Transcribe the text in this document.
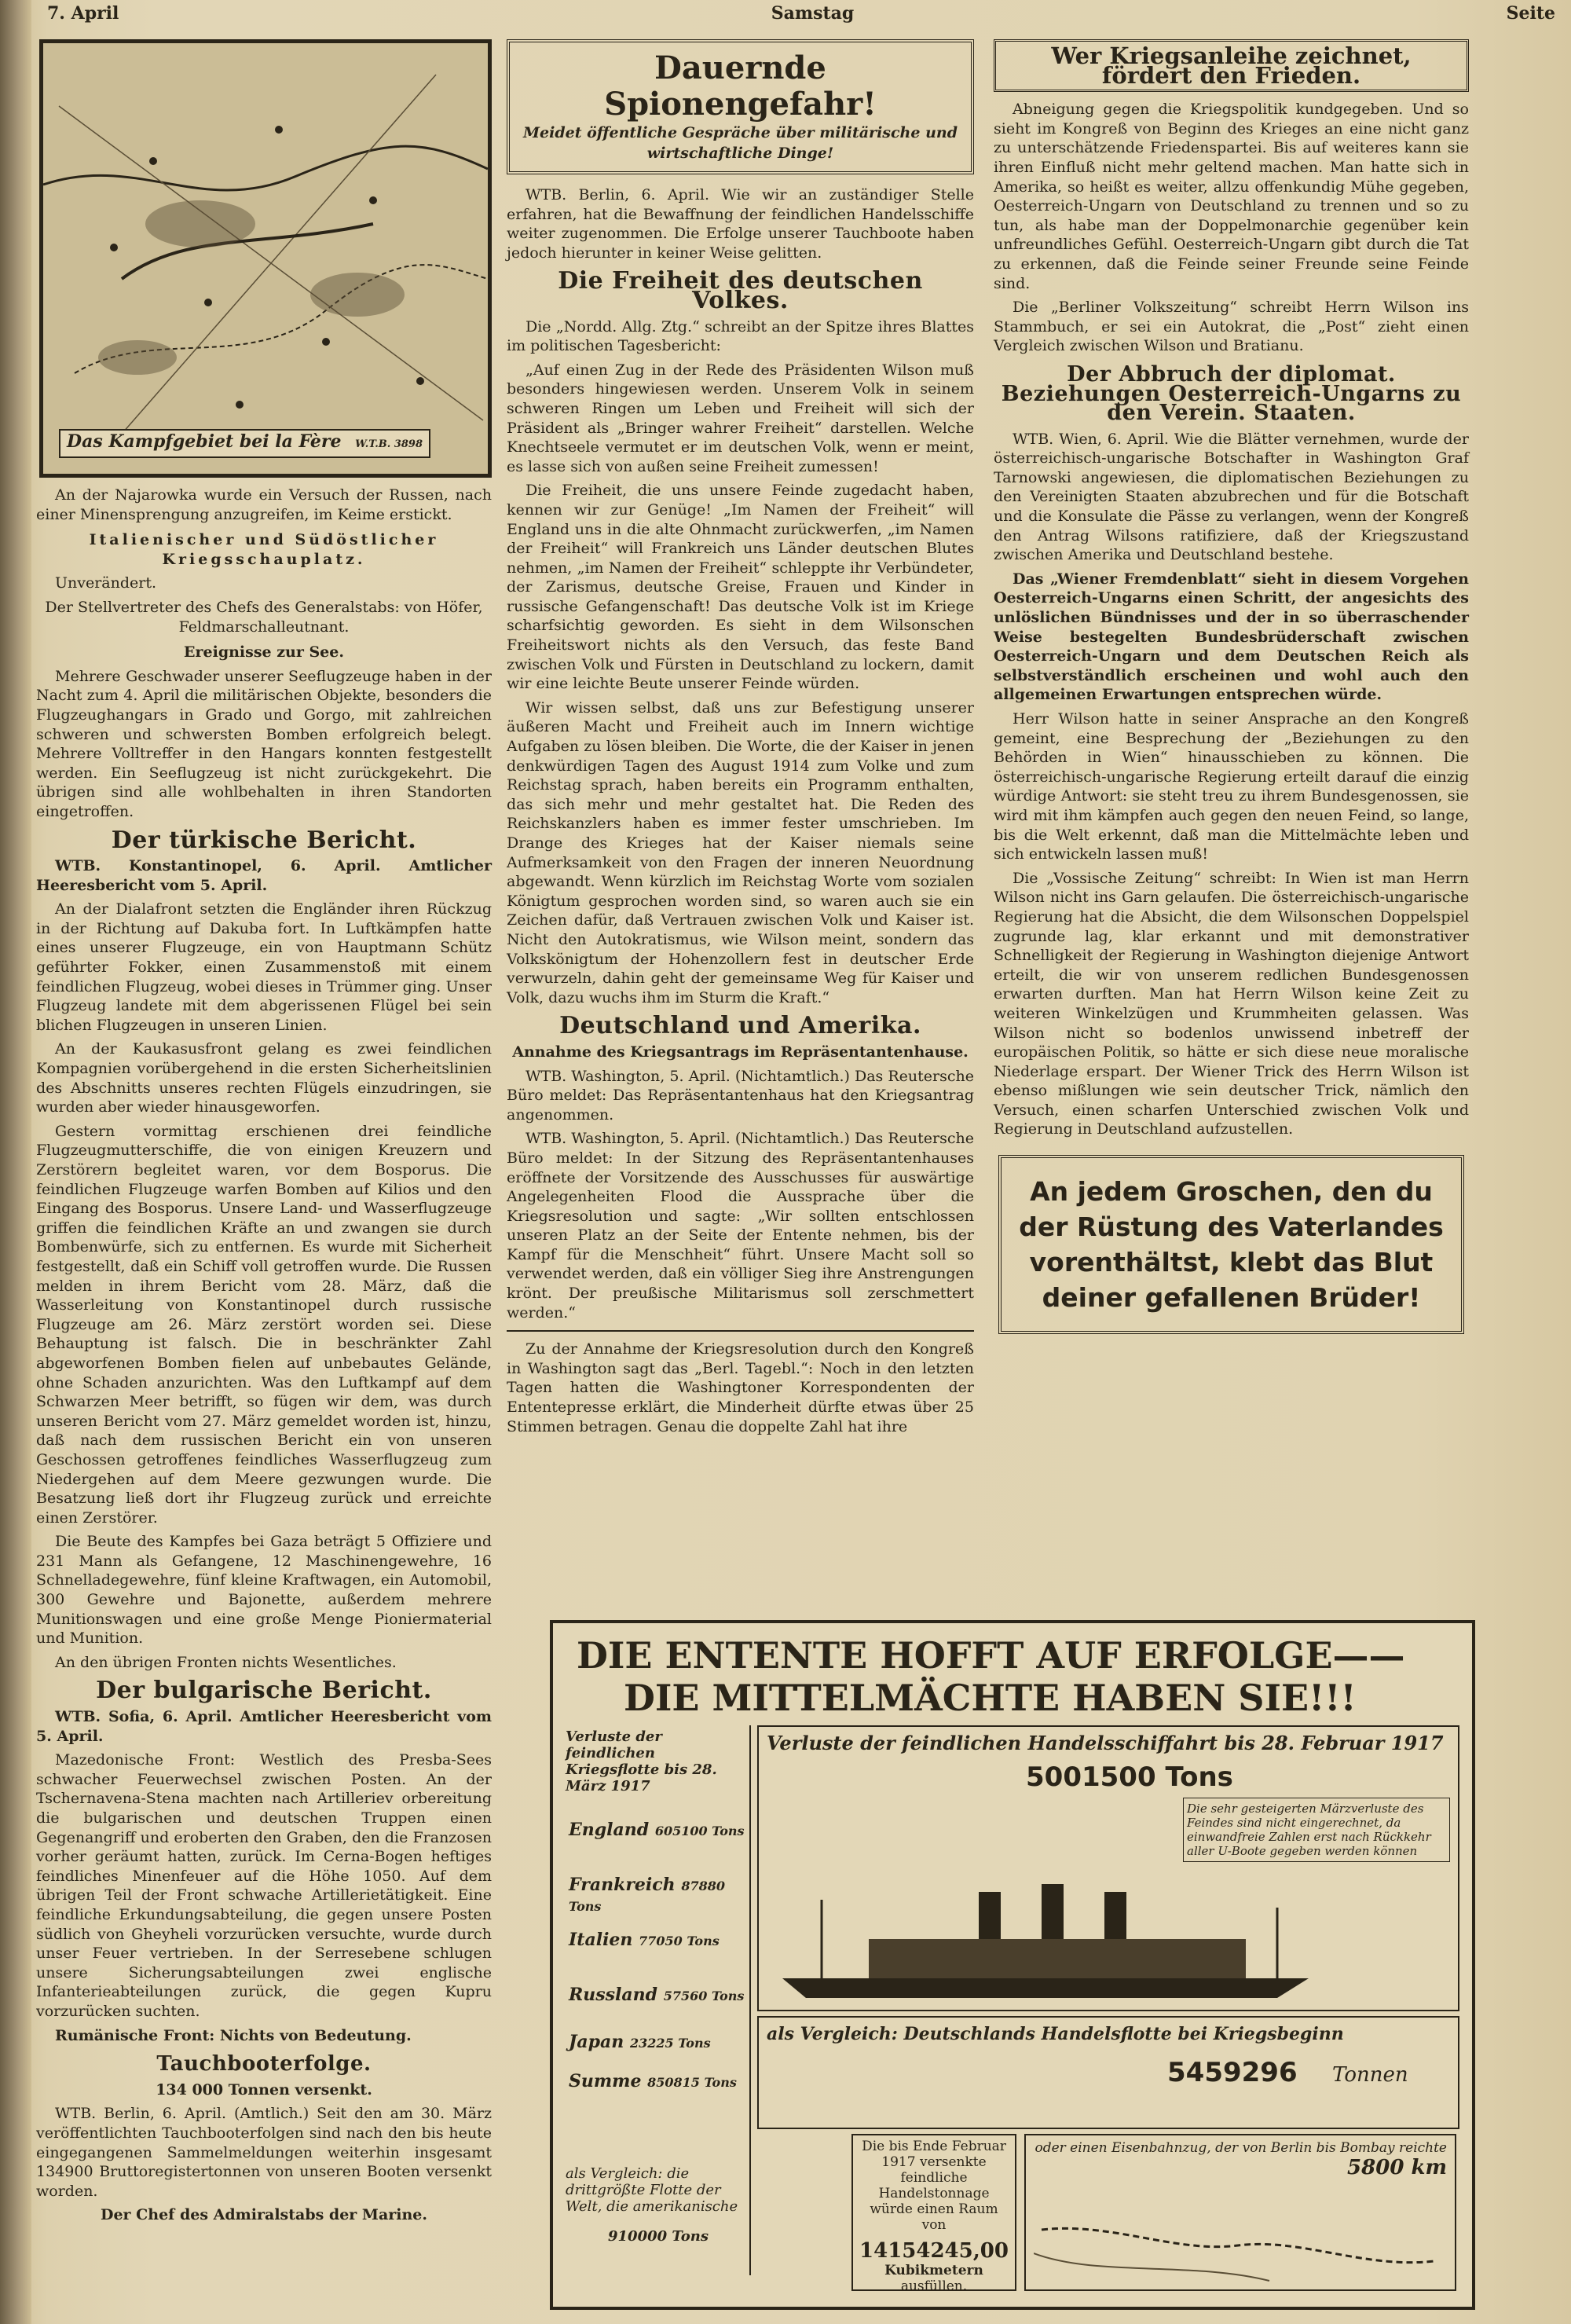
7. April	Samstag	Seite
Das Kampfgebiet bei la Fère W.T.B. 3898

An der Najarowka wurde ein Versuch der Russen, nach einer Minensprengung anzugreifen, im Keime erstickt.

Italienischer und Südöstlicher Kriegsschauplatz.

Unverändert.

Der Stellvertreter des Chefs des Generalstabs: von Höfer, Feldmarschalleutnant.

Ereignisse zur See.

Mehrere Geschwader unserer Seeflugzeuge haben in der Nacht zum 4. April die militärischen Objekte, besonders die Flugzeughangars in Grado und Gorgo, mit zahlreichen schweren und schwersten Bomben erfolgreich belegt. Mehrere Volltreffer in den Hangars konnten festgestellt werden. Ein Seeflugzeug ist nicht zurückgekehrt. Die übrigen sind alle wohlbehalten in ihren Standorten eingetroffen.

Der türkische Bericht.

WTB. Konstantinopel, 6. April. Amtlicher Heeresbericht vom 5. April.

An der Dialafront setzten die Engländer ihren Rückzug in der Richtung auf Dakuba fort. In Luftkämpfen hatte eines unserer Flugzeuge, ein von Hauptmann Schütz geführter Fokker, einen Zusammenstoß mit einem feindlichen Flugzeug, wobei dieses in Trümmer ging. Unser Flugzeug landete mit dem abgerissenen Flügel bei sein blichen Flugzeugen in unseren Linien.

An der Kaukasusfront gelang es zwei feindlichen Kompagnien vorübergehend in die ersten Sicherheitslinien des Abschnitts unseres rechten Flügels einzudringen, sie wurden aber wieder hinausgeworfen.

Gestern vormittag erschienen drei feindliche Flugzeugmutterschiffe, die von einigen Kreuzern und Zerstörern begleitet waren, vor dem Bosporus. Die feindlichen Flugzeuge warfen Bomben auf Kilios und den Eingang des Bosporus. Unsere Land- und Wasserflugzeuge griffen die feindlichen Kräfte an und zwangen sie durch Bombenwürfe, sich zu entfernen. Es wurde mit Sicherheit festgestellt, daß ein Schiff voll getroffen wurde. Die Russen melden in ihrem Bericht vom 28. März, daß die Wasserleitung von Konstantinopel durch russische Flugzeuge am 26. März zerstört worden sei. Diese Behauptung ist falsch. Die in beschränkter Zahl abgeworfenen Bomben fielen auf unbebautes Gelände, ohne Schaden anzurichten. Was den Luftkampf auf dem Schwarzen Meer betrifft, so fügen wir dem, was durch unseren Bericht vom 27. März gemeldet worden ist, hinzu, daß nach dem russischen Bericht ein von unseren Geschossen getroffenes feindliches Wasserflugzeug zum Niedergehen auf dem Meere gezwungen wurde. Die Besatzung ließ dort ihr Flugzeug zurück und erreichte einen Zerstörer.

Die Beute des Kampfes bei Gaza beträgt 5 Offiziere und 231 Mann als Gefangene, 12 Maschinengewehre, 16 Schnelladegewehre, fünf kleine Kraftwagen, ein Automobil, 300 Gewehre und Bajonette, außerdem mehrere Munitionswagen und eine große Menge Pioniermaterial und Munition.

An den übrigen Fronten nichts Wesentliches.

Der bulgarische Bericht.

WTB. Sofia, 6. April. Amtlicher Heeresbericht vom 5. April.

Mazedonische Front: Westlich des Presba-Sees schwacher Feuerwechsel zwischen Posten. An der Tschernavena-Stena machten nach Artilleriev orbereitung die bulgarischen und deutschen Truppen einen Gegenangriff und eroberten den Graben, den die Franzosen vorher geräumt hatten, zurück. Im Cerna-Bogen heftiges feindliches Minenfeuer auf die Höhe 1050. Auf dem übrigen Teil der Front schwache Artillerietätigkeit. Eine feindliche Erkundungsabteilung, die gegen unsere Posten südlich von Gheyheli vorzurücken versuchte, wurde durch unser Feuer vertrieben. In der Serresebene schlugen unsere Sicherungsabteilungen zwei englische Infanterieabteilungen zurück, die gegen Kupru vorzurücken suchten.

Rumänische Front: Nichts von Bedeutung.

Tauchbooterfolge.
134 000 Tonnen versenkt.

WTB. Berlin, 6. April. (Amtlich.) Seit den am 30. März veröffentlichten Tauchbooterfolgen sind nach den bis heute eingegangenen Sammelmeldungen weiterhin insgesamt 134900 Bruttoregistertonnen von unseren Booten versenkt worden.

Der Chef des Admiralstabs der Marine.

Dauernde Spionengefahr!
Meidet öffentliche Gespräche über militärische und wirtschaftliche Dinge!

WTB. Berlin, 6. April. Wie wir an zuständiger Stelle erfahren, hat die Bewaffnung der feindlichen Handelsschiffe weiter zugenommen. Die Erfolge unserer Tauchboote haben jedoch hierunter in keiner Weise gelitten.

Die Freiheit des deutschen Volkes.

Die „Nordd. Allg. Ztg.“ schreibt an der Spitze ihres Blattes im politischen Tagesbericht:

„Auf einen Zug in der Rede des Präsidenten Wilson muß besonders hingewiesen werden. Unserem Volk in seinem schweren Ringen um Leben und Freiheit will sich der Präsident als „Bringer wahrer Freiheit“ darstellen. Welche Knechtseele vermutet er im deutschen Volk, wenn er meint, es lasse sich von außen seine Freiheit zumessen!

Die Freiheit, die uns unsere Feinde zugedacht haben, kennen wir zur Genüge! „Im Namen der Freiheit“ will England uns in die alte Ohnmacht zurückwerfen, „im Namen der Freiheit“ will Frankreich uns Länder deutschen Blutes nehmen, „im Namen der Freiheit“ schleppte ihr Verbündeter, der Zarismus, deutsche Greise, Frauen und Kinder in russische Gefangenschaft! Das deutsche Volk ist im Kriege scharfsichtig geworden. Es sieht in dem Wilsonschen Freiheitswort nichts als den Versuch, das feste Band zwischen Volk und Fürsten in Deutschland zu lockern, damit wir eine leichte Beute unserer Feinde würden.

Wir wissen selbst, daß uns zur Befestigung unserer äußeren Macht und Freiheit auch im Innern wichtige Aufgaben zu lösen bleiben. Die Worte, die der Kaiser in jenen denkwürdigen Tagen des August 1914 zum Volke und zum Reichstag sprach, haben bereits ein Programm enthalten, das sich mehr und mehr gestaltet hat. Die Reden des Reichskanzlers haben es immer fester umschrieben. Im Drange des Krieges hat der Kaiser niemals seine Aufmerksamkeit von den Fragen der inneren Neuordnung abgewandt. Wenn kürzlich im Reichstag Worte vom sozialen Königtum gesprochen worden sind, so waren auch sie ein Zeichen dafür, daß Vertrauen zwischen Volk und Kaiser ist. Nicht den Autokratismus, wie Wilson meint, sondern das Volkskönigtum der Hohenzollern fest in deutscher Erde verwurzeln, dahin geht der gemeinsame Weg für Kaiser und Volk, dazu wuchs ihm im Sturm die Kraft.“

Deutschland und Amerika.
Annahme des Kriegsantrags im Repräsentantenhause.

WTB. Washington, 5. April. (Nichtamtlich.) Das Reutersche Büro meldet: Das Repräsentantenhaus hat den Kriegsantrag angenommen.

WTB. Washington, 5. April. (Nichtamtlich.) Das Reutersche Büro meldet: In der Sitzung des Repräsentantenhauses eröffnete der Vorsitzende des Ausschusses für auswärtige Angelegenheiten Flood die Aussprache über die Kriegsresolution und sagte: „Wir sollten entschlossen unseren Platz an der Seite der Entente nehmen, bis der Kampf für die Menschheit“ führt. Unsere Macht soll so verwendet werden, daß ein völliger Sieg ihre Anstrengungen krönt. Der preußische Militarismus soll zerschmettert werden.“

Zu der Annahme der Kriegsresolution durch den Kongreß in Washington sagt das „Berl. Tagebl.“: Noch in den letzten Tagen hatten die Washingtoner Korrespondenten der Ententepresse erklärt, die Minderheit dürfte etwas über 25 Stimmen betragen. Genau die doppelte Zahl hat ihre

Wer Kriegsanleihe zeichnet, fördert den Frieden.

Abneigung gegen die Kriegspolitik kundgegeben. Und so sieht im Kongreß von Beginn des Krieges an eine nicht ganz zu unterschätzende Friedenspartei. Bis auf weiteres kann sie ihren Einfluß nicht mehr geltend machen. Man hatte sich in Amerika, so heißt es weiter, allzu offenkundig Mühe gegeben, Oesterreich-Ungarn von Deutschland zu trennen und so zu tun, als habe man der Doppelmonarchie gegenüber kein unfreundliches Gefühl. Oesterreich-Ungarn gibt durch die Tat zu erkennen, daß die Feinde seiner Freunde seine Feinde sind.

Die „Berliner Volkszeitung“ schreibt Herrn Wilson ins Stammbuch, er sei ein Autokrat, die „Post“ zieht einen Vergleich zwischen Wilson und Bratianu.

Der Abbruch der diplomat. Beziehungen Oesterreich-Ungarns zu den Verein. Staaten.

WTB. Wien, 6. April. Wie die Blätter vernehmen, wurde der österreichisch-ungarische Botschafter in Washington Graf Tarnowski angewiesen, die diplomatischen Beziehungen zu den Vereinigten Staaten abzubrechen und für die Botschaft und die Konsulate die Pässe zu verlangen, wenn der Kongreß den Antrag Wilsons ratifiziere, daß der Kriegszustand zwischen Amerika und Deutschland bestehe.

Das „Wiener Fremdenblatt“ sieht in diesem Vorgehen Oesterreich-Ungarns einen Schritt, der angesichts des unlöslichen Bündnisses und der in so überraschender Weise bestegelten Bundesbrüderschaft zwischen Oesterreich-Ungarn und dem Deutschen Reich als selbstverständlich erscheinen und wohl auch den allgemeinen Erwartungen entsprechen würde.

Herr Wilson hatte in seiner Ansprache an den Kongreß gemeint, eine Besprechung der „Beziehungen zu den Behörden in Wien“ hinausschieben zu können. Die österreichisch-ungarische Regierung erteilt darauf die einzig würdige Antwort: sie steht treu zu ihrem Bundesgenossen, sie wird mit ihm kämpfen auch gegen den neuen Feind, so lange, bis die Welt erkennt, daß man die Mittelmächte leben und sich entwickeln lassen muß!

Die „Vossische Zeitung“ schreibt: In Wien ist man Herrn Wilson nicht ins Garn gelaufen. Die österreichisch-ungarische Regierung hat die Absicht, die dem Wilsonschen Doppelspiel zugrunde lag, klar erkannt und mit demonstrativer Schnelligkeit der Regierung in Washington diejenige Antwort erteilt, die wir von unserem redlichen Bundesgenossen erwarten durften. Man hat Herrn Wilson keine Zeit zu weiteren Winkelzügen und Krummheiten gelassen. Was Wilson nicht so bodenlos unwissend inbetreff der europäischen Politik, so hätte er sich diese neue moralische Niederlage erspart. Der Wiener Trick des Herrn Wilson ist ebenso mißlungen wie sein deutscher Trick, nämlich den Versuch, einen scharfen Unterschied zwischen Volk und Regierung in Deutschland aufzustellen.

An jedem Groschen, den du der Rüstung des Vaterlandes vorenthältst, klebt das Blut deiner gefallenen Brüder!
DIE ENTENTE HOFFT AUF ERFOLGE——
DIE MITTELMÄCHTE HABEN SIE!!!
Verluste der feindlichen Kriegsflotte bis 28. März 1917
England 605100 Tons
Frankreich 87880 Tons
Italien 77050 Tons
Russland 57560 Tons
Japan 23225 Tons
Summe 850815 Tons
als Vergleich: die drittgrößte Flotte der Welt, die amerikanische
910000 Tons
Verluste der feindlichen Handelsschiffahrt bis 28. Februar 1917
5001500 Tons
Die sehr gesteigerten Märzverluste des Feindes sind nicht eingerechnet, da einwandfreie Zahlen erst nach Rückkehr aller U-Boote gegeben werden können
als Vergleich: Deutschlands Handelsflotte bei Kriegsbeginn
5459296 Tonnen
Die bis Ende Februar 1917 versenkte feindliche Handelstonnage würde einen Raum von
14154245,00
Kubikmetern
ausfüllen.
oder einen Eisenbahnzug, der von Berlin bis Bombay reichte
5800 km
